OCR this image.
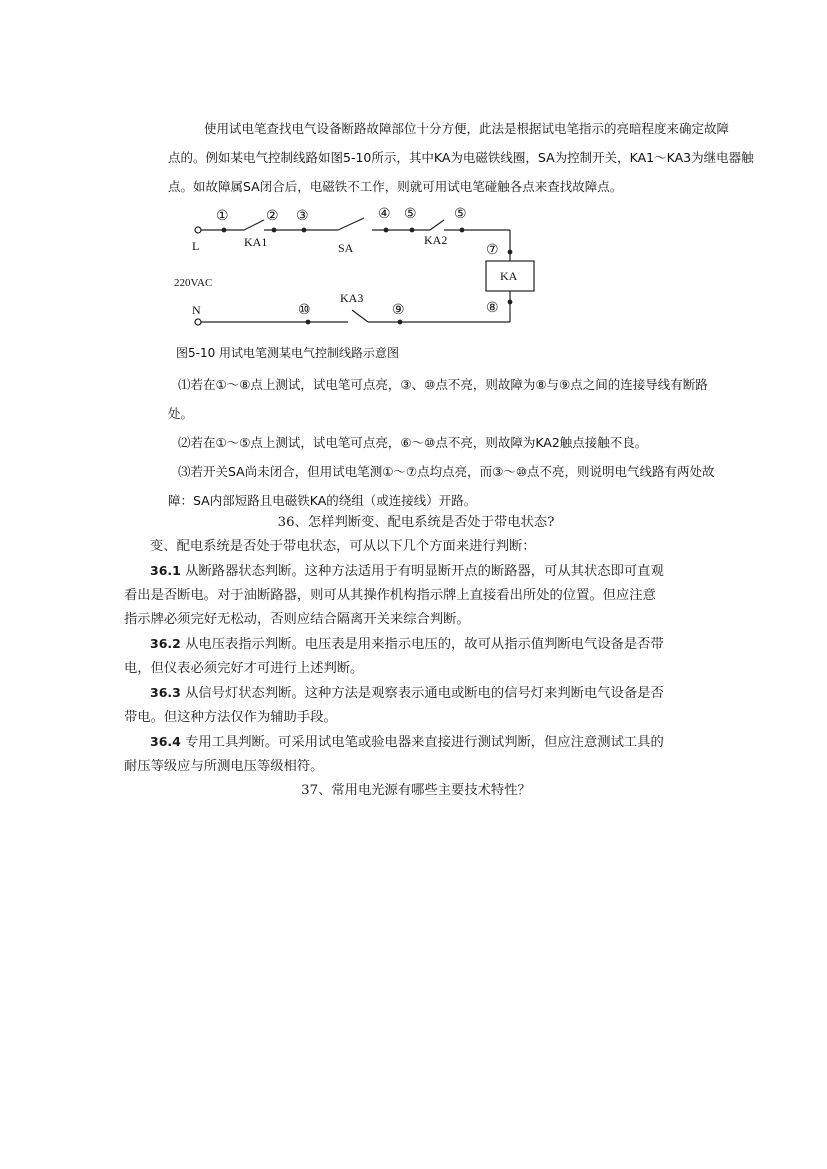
使用试电笔查找电气设备断路故障部位十分方便，此法是根据试电笔指示的亮暗程度来确定故障

点的。例如某电气控制线路如图5-10所示，其中KA为电磁铁线圈，SA为控制开关，KA1～KA3为继电器触

点。如故障属SA闭合后，电磁铁不工作，则就可用试电笔碰触各点来查找故障点。

①	② ③	④ ⑤	⑤
⑦
⑧
⑨
⑩
L	KA1	SA
KA2
KA
220VAC
N
KA3
图5-10 用试电笔测某电气控制线路示意图

⑴若在①～⑧点上测试，试电笔可点亮，③、⑩点不亮，则故障为⑧与⑨点之间的连接导线有断路

处。

⑵若在①～⑤点上测试，试电笔可点亮，⑥～⑩点不亮，则故障为KA2触点接触不良。

⑶若开关SA尚未闭合，但用试电笔测①～⑦点均点亮，而③～⑩点不亮，则说明电气线路有两处故

障：SA内部短路且电磁铁KA的绕组（或连接线）开路。

36、怎样判断变、配电系统是否处于带电状态?

变、配电系统是否处于带电状态，可从以下几个方面来进行判断：

36.1 从断路器状态判断。这种方法适用于有明显断开点的断路器，可从其状态即可直观

看出是否断电。对于油断路器，则可从其操作机构指示牌上直接看出所处的位置。但应注意

指示牌必须完好无松动，否则应结合隔离开关来综合判断。

36.2 从电压表指示判断。电压表是用来指示电压的，故可从指示值判断电气设备是否带

电，但仪表必须完好才可进行上述判断。

36.3 从信号灯状态判断。这种方法是观察表示通电或断电的信号灯来判断电气设备是否

带电。但这种方法仅作为辅助手段。

36.4 专用工具判断。可采用试电笔或验电器来直接进行测试判断，但应注意测试工具的

耐压等级应与所测电压等级相符。

37、常用电光源有哪些主要技术特性？
